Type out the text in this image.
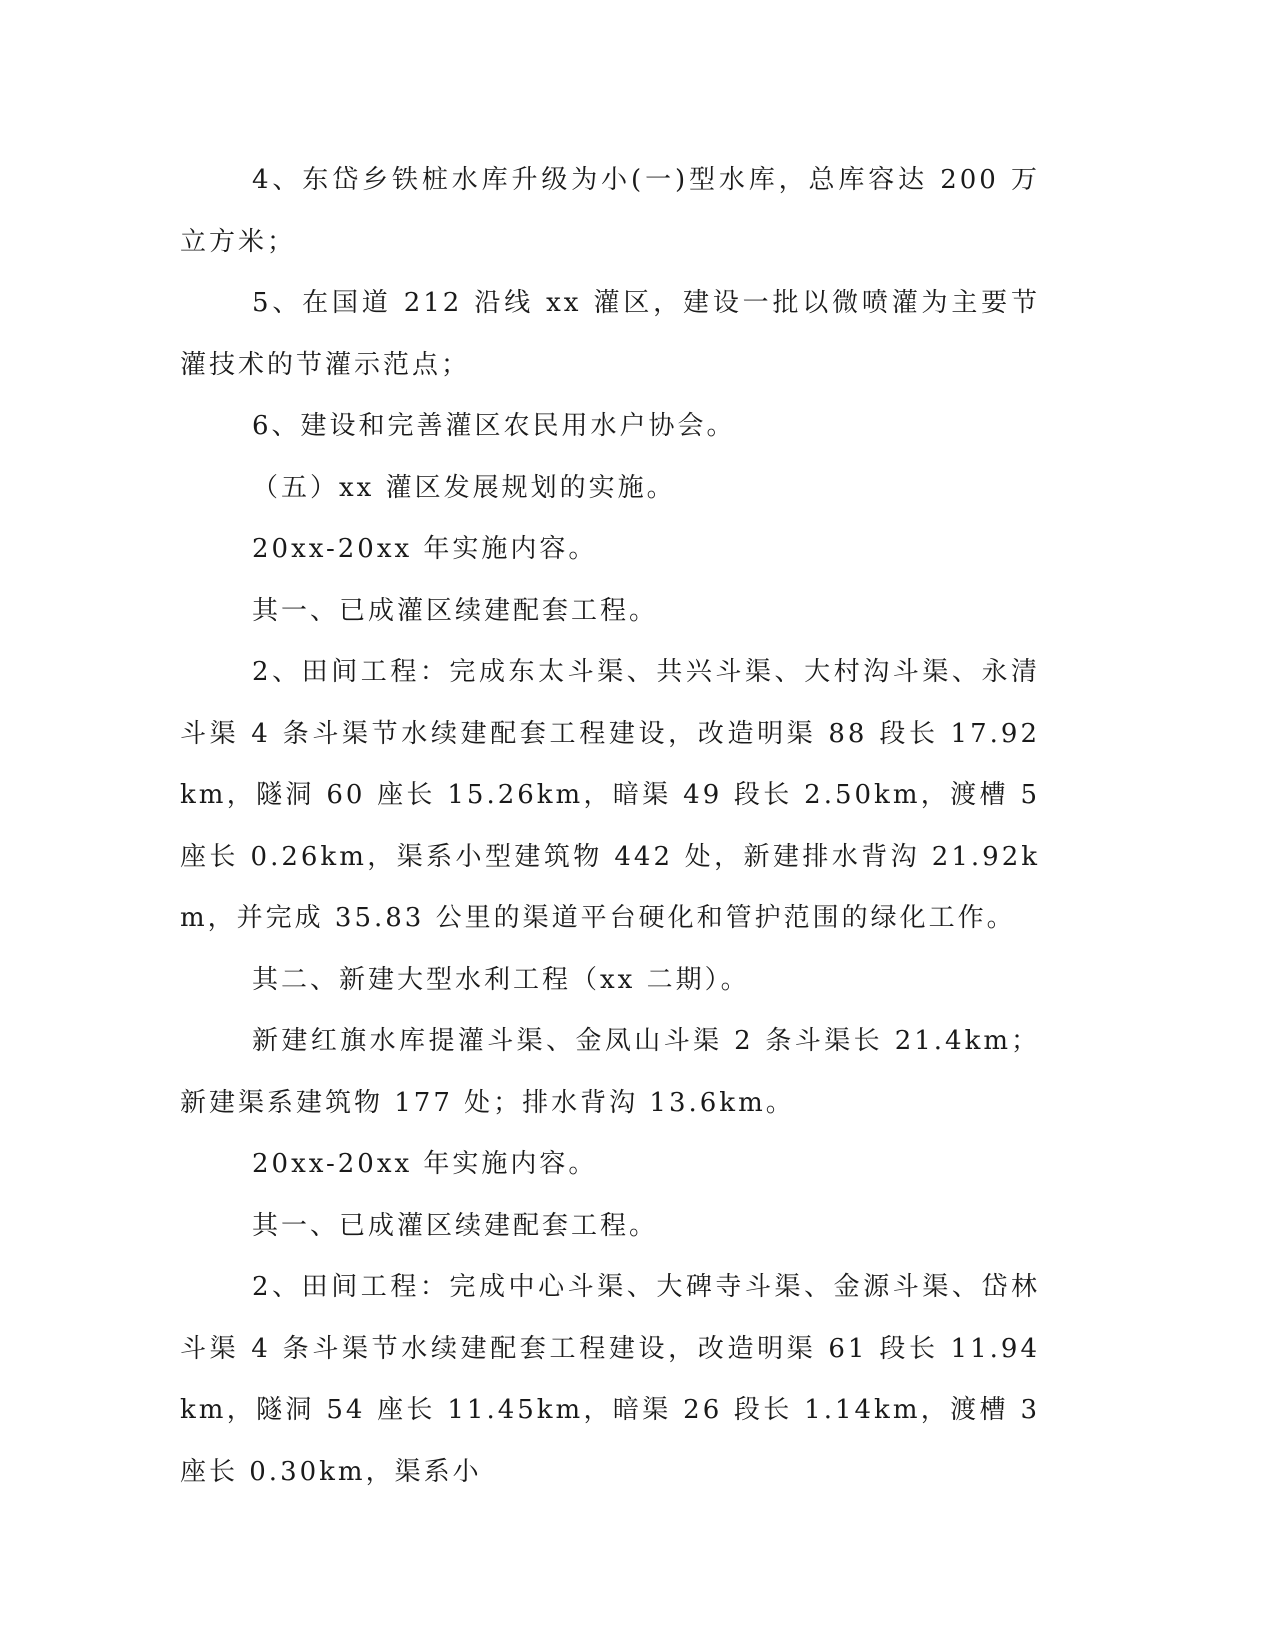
4、东岱乡铁桩水库升级为小(一)型水库，总库容达 200 万立方米；

5、在国道 212 沿线 xx 灌区，建设一批以微喷灌为主要节灌技术的节灌示范点；

6、建设和完善灌区农民用水户协会。

（五）xx 灌区发展规划的实施。

20xx-20xx 年实施内容。

其一、已成灌区续建配套工程。

2、田间工程：完成东太斗渠、共兴斗渠、大村沟斗渠、永清斗渠 4 条斗渠节水续建配套工程建设，改造明渠 88 段长 17.92km，隧洞 60 座长 15.26km，暗渠 49 段长 2.50km，渡槽 5 座长 0.26km，渠系小型建筑物 442 处，新建排水背沟 21.92km，并完成 35.83 公里的渠道平台硬化和管护范围的绿化工作。

其二、新建大型水利工程（xx 二期）。

新建红旗水库提灌斗渠、金凤山斗渠 2 条斗渠长 21.4km；新建渠系建筑物 177 处；排水背沟 13.6km。

20xx-20xx 年实施内容。

其一、已成灌区续建配套工程。

2、田间工程：完成中心斗渠、大碑寺斗渠、金源斗渠、岱林斗渠 4 条斗渠节水续建配套工程建设，改造明渠 61 段长 11.94km，隧洞 54 座长 11.45km，暗渠 26 段长 1.14km，渡槽 3 座长 0.30km，渠系小
